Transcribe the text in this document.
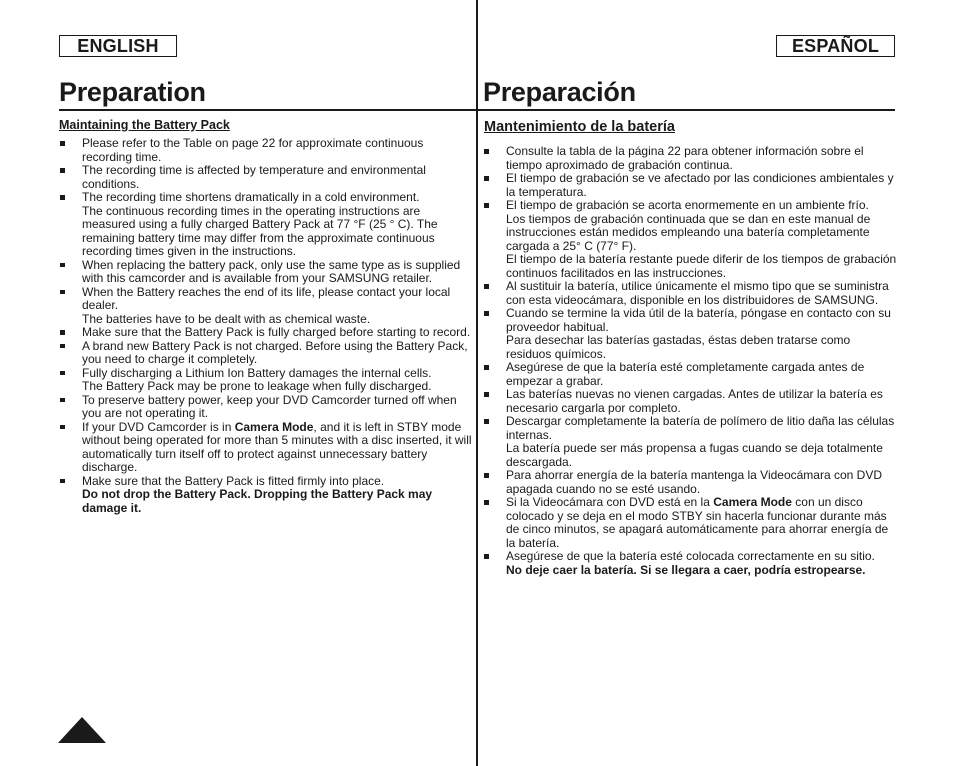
ENGLISH	ESPAÑOL
Preparation	Preparación
Maintaining the Battery Pack	Mantenimiento de la batería

Please refer to the Table on page 22 for approximate continuous recording time.

The recording time is affected by temperature and environmental conditions.

The recording time shortens dramatically in a cold environment.

The continuous recording times in the operating instructions are measured using a fully charged Battery Pack at 77 °F (25 ° C). The remaining battery time may differ from the approximate continuous recording times given in the instructions.

When replacing the battery pack, only use the same type as is supplied with this camcorder and is available from your SAMSUNG retailer.

When the Battery reaches the end of its life, please contact your local dealer.

The batteries have to be dealt with as chemical waste.

Make sure that the Battery Pack is fully charged before starting to record.

A brand new Battery Pack is not charged. Before using the Battery Pack, you need to charge it completely.

Fully discharging a Lithium Ion Battery damages the internal cells.

The Battery Pack may be prone to leakage when fully discharged.

To preserve battery power, keep your DVD Camcorder turned off when you are not operating it.

If your DVD Camcorder is in Camera Mode, and it is left in STBY mode without being operated for more than 5 minutes with a disc inserted, it will automatically turn itself off to protect against unnecessary battery discharge.

Make sure that the Battery Pack is fitted firmly into place.

Do not drop the Battery Pack. Dropping the Battery Pack may damage it.

Consulte la tabla de la página 22 para obtener información sobre el tiempo aproximado de grabación continua.

El tiempo de grabación se ve afectado por las condiciones ambientales y la temperatura.

El tiempo de grabación se acorta enormemente en un ambiente frío.

Los tiempos de grabación continuada que se dan en este manual de instrucciones están medidos empleando una batería completamente cargada a 25° C (77° F).

El tiempo de la batería restante puede diferir de los tiempos de grabación continuos facilitados en las instrucciones.

Al sustituir la batería, utilice únicamente el mismo tipo que se suministra con esta videocámara, disponible en los distribuidores de SAMSUNG.

Cuando se termine la vida útil de la batería, póngase en contacto con su proveedor habitual.

Para desechar las baterías gastadas, éstas deben tratarse como residuos químicos.

Asegúrese de que la batería esté completamente cargada antes de empezar a grabar.

Las baterías nuevas no vienen cargadas. Antes de utilizar la batería es necesario cargarla por completo.

Descargar completamente la batería de polímero de litio daña las células internas.

La batería puede ser más propensa a fugas cuando se deja totalmente descargada.

Para ahorrar energía de la batería mantenga la Videocámara con DVD apagada cuando no se esté usando.

Si la Videocámara con DVD está en la Camera Mode con un disco colocado y se deja en el modo STBY sin hacerla funcionar durante más de cinco minutos, se apagará automáticamente para ahorrar energía de la batería.

Asegúrese de que la batería esté colocada correctamente en su sitio.

No deje caer la batería. Si se llegara a caer, podría estropearse.

24
